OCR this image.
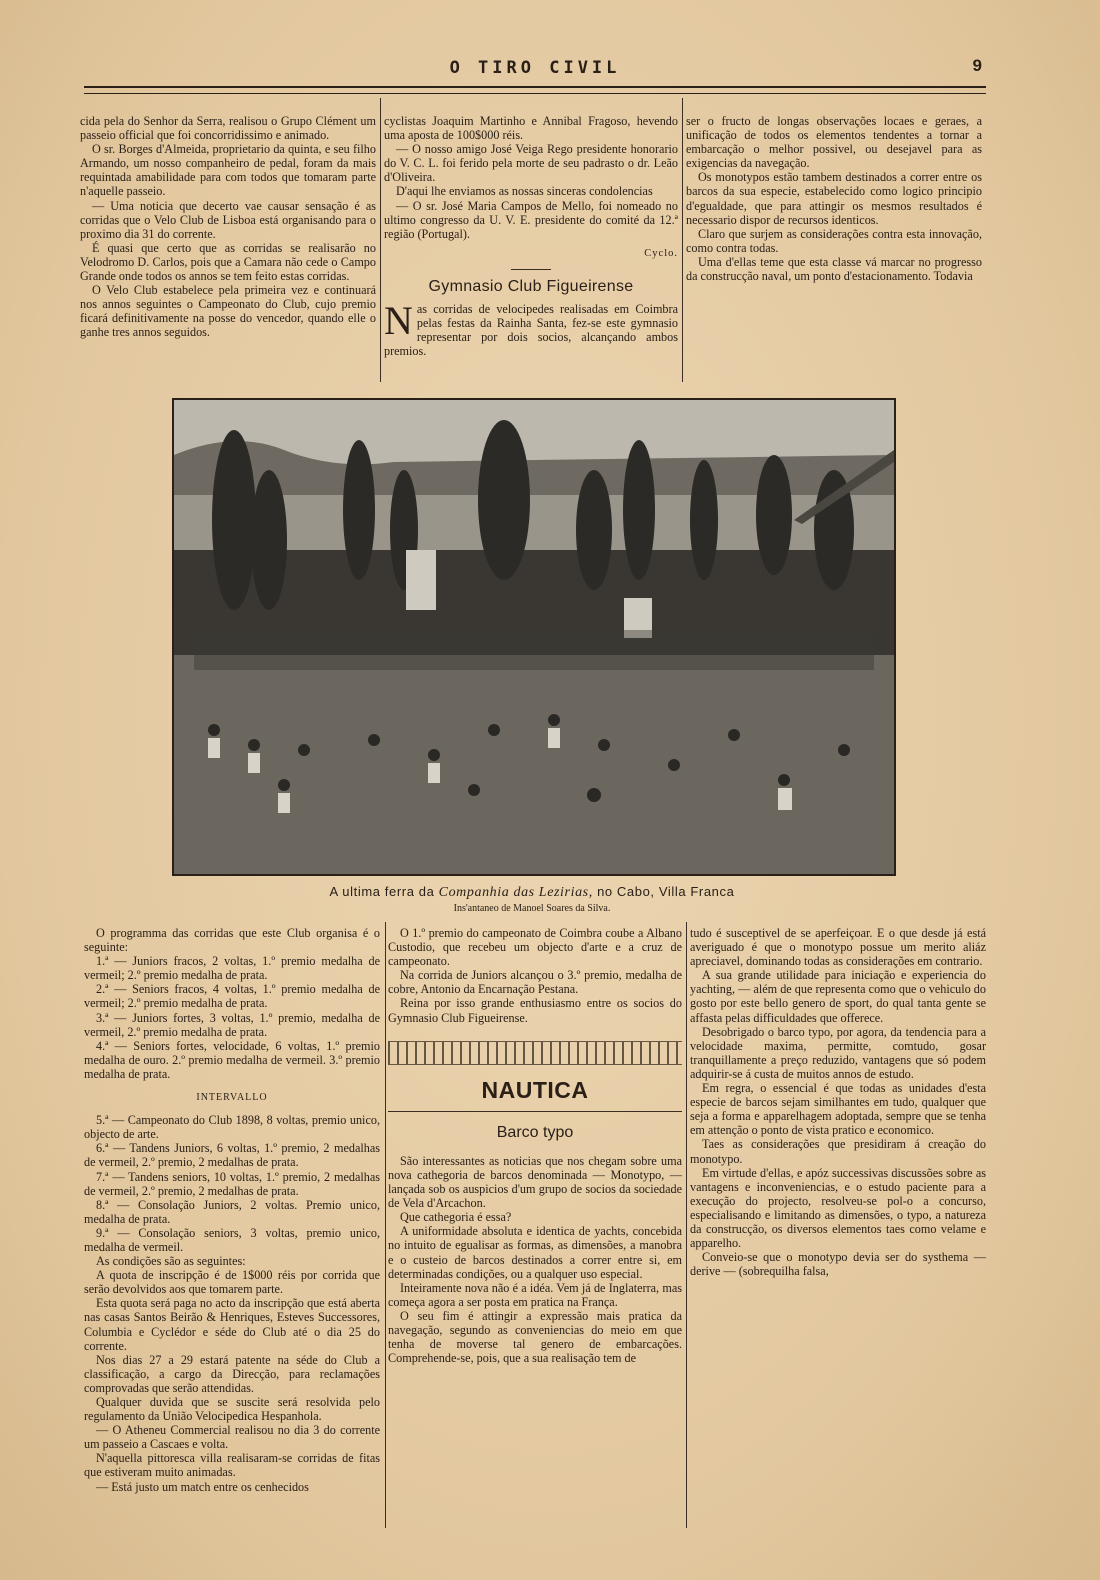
O TIRO CIVIL	9

cida pela do Senhor da Serra, realisou o Grupo Clément um passeio official que foi concorridissimo e animado.

O sr. Borges d'Almeida, proprietario da quinta, e seu filho Armando, um nosso companheiro de pedal, foram da mais requintada amabilidade para com todos que tomaram parte n'aquelle passeio.

— Uma noticia que decerto vae causar sensação é as corridas que o Velo Club de Lisboa está organisando para o proximo dia 31 do corrente.

É quasi que certo que as corridas se realisarão no Velodromo D. Carlos, pois que a Camara não cede o Campo Grande onde todos os annos se tem feito estas corridas.

O Velo Club estabelece pela primeira vez e continuará nos annos seguintes o Campeonato do Club, cujo premio ficará definitivamente na posse do vencedor, quando elle o ganhe tres annos seguidos.

cyclistas Joaquim Martinho e Annibal Fragoso, hevendo uma aposta de 100$000 réis.

— O nosso amigo José Veiga Rego presidente honorario do V. C. L. foi ferido pela morte de seu padrasto o dr. Leão d'Oliveira.

D'aqui lhe enviamos as nossas sinceras condolencias

— O sr. José Maria Campos de Mello, foi nomeado no ultimo congresso da U. V. E. presidente do comité da 12.ª região (Portugal).

Cyclo.
Gymnasio Club Figueirense

Nas corridas de velocipedes realisadas em Coimbra pelas festas da Rainha Santa, fez-se este gymnasio representar por dois socios, alcançando ambos premios.

ser o fructo de longas observações locaes e geraes, a unificação de todos os elementos tendentes a tornar a embarcação o melhor possivel, ou desejavel para as exigencias da navegação.

Os monotypos estão tambem destinados a correr entre os barcos da sua especie, estabelecido como logico principio d'egualdade, que para attingir os mesmos resultados é necessario dispor de recursos identicos.

Claro que surjem as considerações contra esta innovação, como contra todas.

Uma d'ellas teme que esta classe vá marcar no progresso da construcção naval, um ponto d'estacionamento. Todavia

A ultima ferra da Companhia das Lezirias, no Cabo, Villa Franca
Ins'antaneo de Manoel Soares da Silva.

O programma das corridas que este Club organisa é o seguinte:

1.ª — Juniors fracos, 2 voltas, 1.º premio medalha de vermeil; 2.º premio medalha de prata.

2.ª — Seniors fracos, 4 voltas, 1.º premio medalha de vermeil; 2.º premio medalha de prata.

3.ª — Juniors fortes, 3 voltas, 1.º premio, medalha de vermeil, 2.º premio medalha de prata.

4.ª — Seniors fortes, velocidade, 6 voltas, 1.º premio medalha de ouro. 2.º premio medalha de vermeil. 3.º premio medalha de prata.

INTERVALLO

5.ª — Campeonato do Club 1898, 8 voltas, premio unico, objecto de arte.

6.ª — Tandens Juniors, 6 voltas, 1.º premio, 2 medalhas de vermeil, 2.º premio, 2 medalhas de prata.

7.ª — Tandens seniors, 10 voltas, 1.º premio, 2 medalhas de vermeil, 2.º premio, 2 medalhas de prata.

8.ª — Consolação Juniors, 2 voltas. Premio unico, medalha de prata.

9.ª — Consolação seniors, 3 voltas, premio unico, medalha de vermeil.

As condições são as seguintes:

A quota de inscripção é de 1$000 réis por corrida que serão devolvidos aos que tomarem parte.

Esta quota será paga no acto da inscripção que está aberta nas casas Santos Beirão & Henriques, Esteves Successores, Columbia e Cyclédor e séde do Club até o dia 25 do corrente.

Nos dias 27 a 29 estará patente na séde do Club a classificação, a cargo da Direcção, para reclamações comprovadas que serão attendidas.

Qualquer duvida que se suscite será resolvida pelo regulamento da União Velocipedica Hespanhola.

— O Atheneu Commercial realisou no dia 3 do corrente um passeio a Cascaes e volta.

N'aquella pittoresca villa realisaram-se corridas de fitas que estiveram muito animadas.

— Está justo um match entre os cenhecidos

O 1.º premio do campeonato de Coimbra coube a Albano Custodio, que recebeu um objecto d'arte e a cruz de campeonato.

Na corrida de Juniors alcançou o 3.º premio, medalha de cobre, Antonio da Encarnação Pestana.

Reina por isso grande enthusiasmo entre os socios do Gymnasio Club Figueirense.

NAUTICA
Barco typo

São interessantes as noticias que nos chegam sobre uma nova cathegoria de barcos denominada — Monotypo, — lançada sob os auspicios d'um grupo de socios da sociedade de Vela d'Arcachon.

Que cathegoria é essa?

A uniformidade absoluta e identica de yachts, concebida no intuito de egualisar as formas, as dimensões, a manobra e o custeio de barcos destinados a correr entre si, em determinadas condições, ou a qualquer uso especial.

Inteiramente nova não é a idéa. Vem já de Inglaterra, mas começa agora a ser posta em pratica na França.

O seu fim é attingir a expressão mais pratica da navegação, segundo as conveniencias do meio em que tenha de moverse tal genero de embarcações. Comprehende-se, pois, que a sua realisação tem de

tudo é susceptivel de se aperfeiçoar. E o que desde já está averiguado é que o monotypo possue um merito aliáz apreciavel, dominando todas as considerações em contrario.

A sua grande utilidade para iniciação e experiencia do yachting, — além de que representa como que o vehiculo do gosto por este bello genero de sport, do qual tanta gente se affasta pelas difficuldades que offerece.

Desobrigado o barco typo, por agora, da tendencia para a velocidade maxima, permitte, comtudo, gosar tranquillamente a preço reduzido, vantagens que só podem adquirir-se á custa de muitos annos de estudo.

Em regra, o essencial é que todas as unidades d'esta especie de barcos sejam similhantes em tudo, qualquer que seja a forma e apparelhagem adoptada, sempre que se tenha em attenção o ponto de vista pratico e economico.

Taes as considerações que presidiram á creação do monotypo.

Em virtude d'ellas, e apóz successivas discussões sobre as vantagens e inconveniencias, e o estudo paciente para a execução do projecto, resolveu-se pol-o a concurso, especialisando e limitando as dimensões, o typo, a natureza da construcção, os diversos elementos taes como velame e apparelho.

Conveio-se que o monotypo devia ser do systhema — derive — (sobrequilha falsa,
